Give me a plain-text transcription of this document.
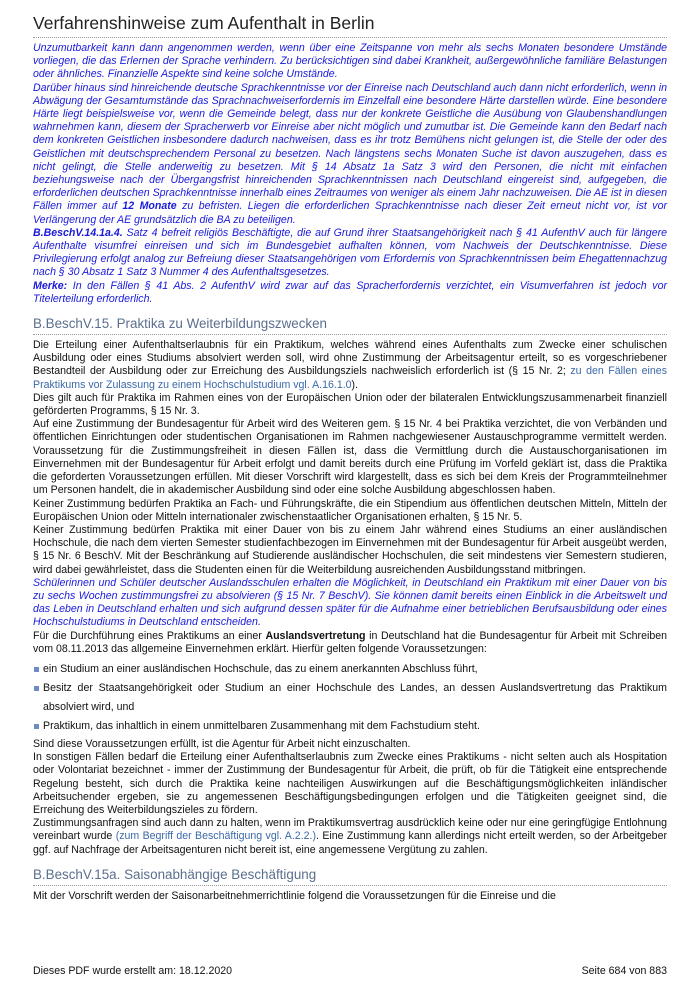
Verfahrenshinweise zum Aufenthalt in Berlin

Unzumutbarkeit kann dann angenommen werden, wenn über eine Zeitspanne von mehr als sechs Monaten besondere Umstände vorliegen, die das Erlernen der Sprache verhindern. Zu berücksichtigen sind dabei Krankheit, außergewöhnliche familiäre Belastungen oder ähnliches. Finanzielle Aspekte sind keine solche Umstände.

Darüber hinaus sind hinreichende deutsche Sprachkenntnisse vor der Einreise nach Deutschland auch dann nicht erforderlich, wenn in Abwägung der Gesamtumstände das Sprachnachweiserfordernis im Einzelfall eine besondere Härte darstellen würde. Eine besondere Härte liegt beispielsweise vor, wenn die Gemeinde belegt, dass nur der konkrete Geistliche die Ausübung von Glaubenshandlungen wahrnehmen kann, diesem der Spracherwerb vor Einreise aber nicht möglich und zumutbar ist. Die Gemeinde kann den Bedarf nach dem konkreten Geistlichen insbesondere dadurch nachweisen, dass es ihr trotz Bemühens nicht gelungen ist, die Stelle der oder des Geistlichen mit deutschsprechendem Personal zu besetzen. Nach längstens sechs Monaten Suche ist davon auszugehen, dass es nicht gelingt, die Stelle anderweitig zu besetzen. Mit § 14 Absatz 1a Satz 3 wird den Personen, die nicht mit einfachen beziehungsweise nach der Übergangsfrist hinreichenden Sprachkenntnissen nach Deutschland eingereist sind, aufgegeben, die erforderlichen deutschen Sprachkenntnisse innerhalb eines Zeitraumes von weniger als einem Jahr nachzuweisen. Die AE ist in diesen Fällen immer auf 12 Monate zu befristen. Liegen die erforderlichen Sprachkenntnisse nach dieser Zeit erneut nicht vor, ist vor Verlängerung der AE grundsätzlich die BA zu beteiligen.

B.BeschV.14.1a.4. Satz 4 befreit religiös Beschäftigte, die auf Grund ihrer Staatsangehörigkeit nach § 41 AufenthV auch für längere Aufenthalte visumfrei einreisen und sich im Bundesgebiet aufhalten können, vom Nachweis der Deutschkenntnisse. Diese Privilegierung erfolgt analog zur Befreiung dieser Staatsangehörigen vom Erfordernis von Sprachkenntnissen beim Ehegattennachzug nach § 30 Absatz 1 Satz 3 Nummer 4 des Aufenthaltsgesetzes.

Merke: In den Fällen § 41 Abs. 2 AufenthV wird zwar auf das Spracherfordernis verzichtet, ein Visumverfahren ist jedoch vor Titelerteilung erforderlich.

B.BeschV.15. Praktika zu Weiterbildungszwecken

Die Erteilung einer Aufenthaltserlaubnis für ein Praktikum, welches während eines Aufenthalts zum Zwecke einer schulischen Ausbildung oder eines Studiums absolviert werden soll, wird ohne Zustimmung der Arbeitsagentur erteilt, so es vorgeschriebener Bestandteil der Ausbildung oder zur Erreichung des Ausbildungsziels nachweislich erforderlich ist (§ 15 Nr. 2; zu den Fällen eines Praktikums vor Zulassung zu einem Hochschulstudium vgl. A.16.1.0).

Dies gilt auch für Praktika im Rahmen eines von der Europäischen Union oder der bilateralen Entwicklungszusammenarbeit finanziell geförderten Programms, § 15 Nr. 3.

Auf eine Zustimmung der Bundesagentur für Arbeit wird des Weiteren gem. § 15 Nr. 4 bei Praktika verzichtet, die von Verbänden und öffentlichen Einrichtungen oder studentischen Organisationen im Rahmen nachgewiesener Austauschprogramme vermittelt werden. Voraussetzung für die Zustimmungsfreiheit in diesen Fällen ist, dass die Vermittlung durch die Austauschorganisationen im Einvernehmen mit der Bundesagentur für Arbeit erfolgt und damit bereits durch eine Prüfung im Vorfeld geklärt ist, dass die Praktika die geforderten Voraussetzungen erfüllen. Mit dieser Vorschrift wird klargestellt, dass es sich bei dem Kreis der Programmteilnehmer um Personen handelt, die in akademischer Ausbildung sind oder eine solche Ausbildung abgeschlossen haben.

Keiner Zustimmung bedürfen Praktika an Fach- und Führungskräfte, die ein Stipendium aus öffentlichen deutschen Mitteln, Mitteln der Europäischen Union oder Mitteln internationaler zwischenstaatlicher Organisationen erhalten, § 15 Nr. 5.

Keiner Zustimmung bedürfen Praktika mit einer Dauer von bis zu einem Jahr während eines Studiums an einer ausländischen Hochschule, die nach dem vierten Semester studienfachbezogen im Einvernehmen mit der Bundesagentur für Arbeit ausgeübt werden, § 15 Nr. 6 BeschV. Mit der Beschränkung auf Studierende ausländischer Hochschulen, die seit mindestens vier Semestern studieren, wird dabei gewährleistet, dass die Studenten einen für die Weiterbildung ausreichenden Ausbildungsstand mitbringen.

Schülerinnen und Schüler deutscher Auslandsschulen erhalten die Möglichkeit, in Deutschland ein Praktikum mit einer Dauer von bis zu sechs Wochen zustimmungsfrei zu absolvieren (§ 15 Nr. 7 BeschV). Sie können damit bereits einen Einblick in die Arbeitswelt und das Leben in Deutschland erhalten und sich aufgrund dessen später für die Aufnahme einer betrieblichen Berufsausbildung oder eines Hochschulstudiums in Deutschland entscheiden.

Für die Durchführung eines Praktikums an einer Auslandsvertretung in Deutschland hat die Bundesagentur für Arbeit mit Schreiben vom 08.11.2013 das allgemeine Einvernehmen erklärt. Hierfür gelten folgende Voraussetzungen:

ein Studium an einer ausländischen Hochschule, das zu einem anerkannten Abschluss führt,
Besitz der Staatsangehörigkeit oder Studium an einer Hochschule des Landes, an dessen Auslandsvertretung das Praktikum absolviert wird, und
Praktikum, das inhaltlich in einem unmittelbaren Zusammenhang mit dem Fachstudium steht.

Sind diese Voraussetzungen erfüllt, ist die Agentur für Arbeit nicht einzuschalten.

In sonstigen Fällen bedarf die Erteilung einer Aufenthaltserlaubnis zum Zwecke eines Praktikums - nicht selten auch als Hospitation oder Volontariat bezeichnet - immer der Zustimmung der Bundesagentur für Arbeit, die prüft, ob für die Tätigkeit eine entsprechende Regelung besteht, sich durch die Praktika keine nachteiligen Auswirkungen auf die Beschäftigungsmöglichkeiten inländischer Arbeitsuchender ergeben, sie zu angemessenen Beschäftigungsbedingungen erfolgen und die Tätigkeiten geeignet sind, die Erreichung des Weiterbildungszieles zu fördern.

Zustimmungsanfragen sind auch dann zu halten, wenn im Praktikumsvertrag ausdrücklich keine oder nur eine geringfügige Entlohnung vereinbart wurde (zum Begriff der Beschäftigung vgl. A.2.2.). Eine Zustimmung kann allerdings nicht erteilt werden, so der Arbeitgeber ggf. auf Nachfrage der Arbeitsagenturen nicht bereit ist, eine angemessene Vergütung zu zahlen.

B.BeschV.15a. Saisonabhängige Beschäftigung

Mit der Vorschrift werden der Saisonarbeitnehmerrichtlinie folgend die Voraussetzungen für die Einreise und die

Dieses PDF wurde erstellt am: 18.12.2020	Seite 684 von 883
